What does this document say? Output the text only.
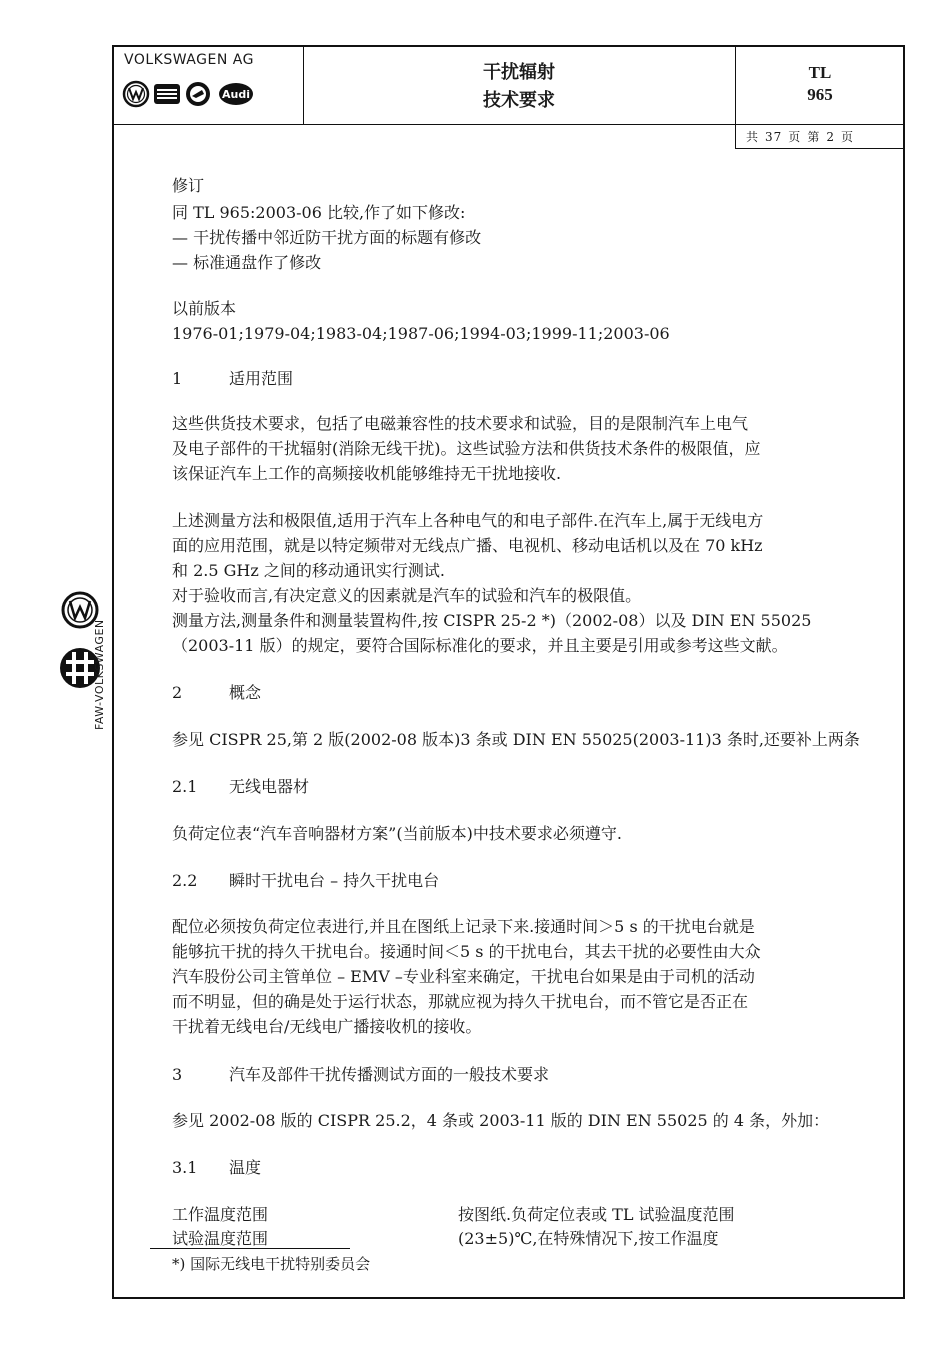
VOLKSWAGEN AG
Audi
干扰辐射
技术要求
TL
965
共 37 页 第 2 页
FAW-VOLKSWAGEN
修订
同 TL 965:2003-06 比较,作了如下修改:
— 干扰传播中邻近防干扰方面的标题有修改
— 标准通盘作了修改
以前版本
1976-01;1979-04;1983-04;1987-06;1994-03;1999-11;2003-06
1	适用范围
这些供货技术要求，包括了电磁兼容性的技术要求和试验，目的是限制汽车上电气
及电子部件的干扰辐射(消除无线干扰)。这些试验方法和供货技术条件的极限值，应
该保证汽车上工作的高频接收机能够维持无干扰地接收.
上述测量方法和极限值,适用于汽车上各种电气的和电子部件.在汽车上,属于无线电方
面的应用范围，就是以特定频带对无线点广播、电视机、移动电话机以及在 70 kHz
和 2.5 GHz 之间的移动通讯实行测试.
对于验收而言,有决定意义的因素就是汽车的试验和汽车的极限值。
测量方法,测量条件和测量装置构件,按 CISPR 25-2 *)（2002-08）以及 DIN EN 55025
（2003-11 版）的规定，要符合国际标准化的要求，并且主要是引用或参考这些文献。
2	概念
参见 CISPR 25,第 2 版(2002-08 版本)3 条或 DIN EN 55025(2003-11)3 条时,还要补上两条
2.1 无线电器材
负荷定位表“汽车音响器材方案”(当前版本)中技术要求必须遵守.
2.2 瞬时干扰电台 – 持久干扰电台
配位必须按负荷定位表进行,并且在图纸上记录下来.接通时间＞5 s 的干扰电台就是
能够抗干扰的持久干扰电台。接通时间＜5 s 的干扰电台，其去干扰的必要性由大众
汽车股份公司主管单位 – EMV –专业科室来确定，干扰电台如果是由于司机的活动
而不明显，但的确是处于运行状态，那就应视为持久干扰电台，而不管它是否正在
干扰着无线电台/无线电广播接收机的接收。
3	汽车及部件干扰传播测试方面的一般技术要求
参见 2002-08 版的 CISPR 25.2，4 条或 2003-11 版的 DIN EN 55025 的 4 条，外加：
3.1 温度
工作温度范围	按图纸.负荷定位表或 TL 试验温度范围
试验温度范围	(23±5)℃,在特殊情况下,按工作温度
*) 国际无线电干扰特别委员会
